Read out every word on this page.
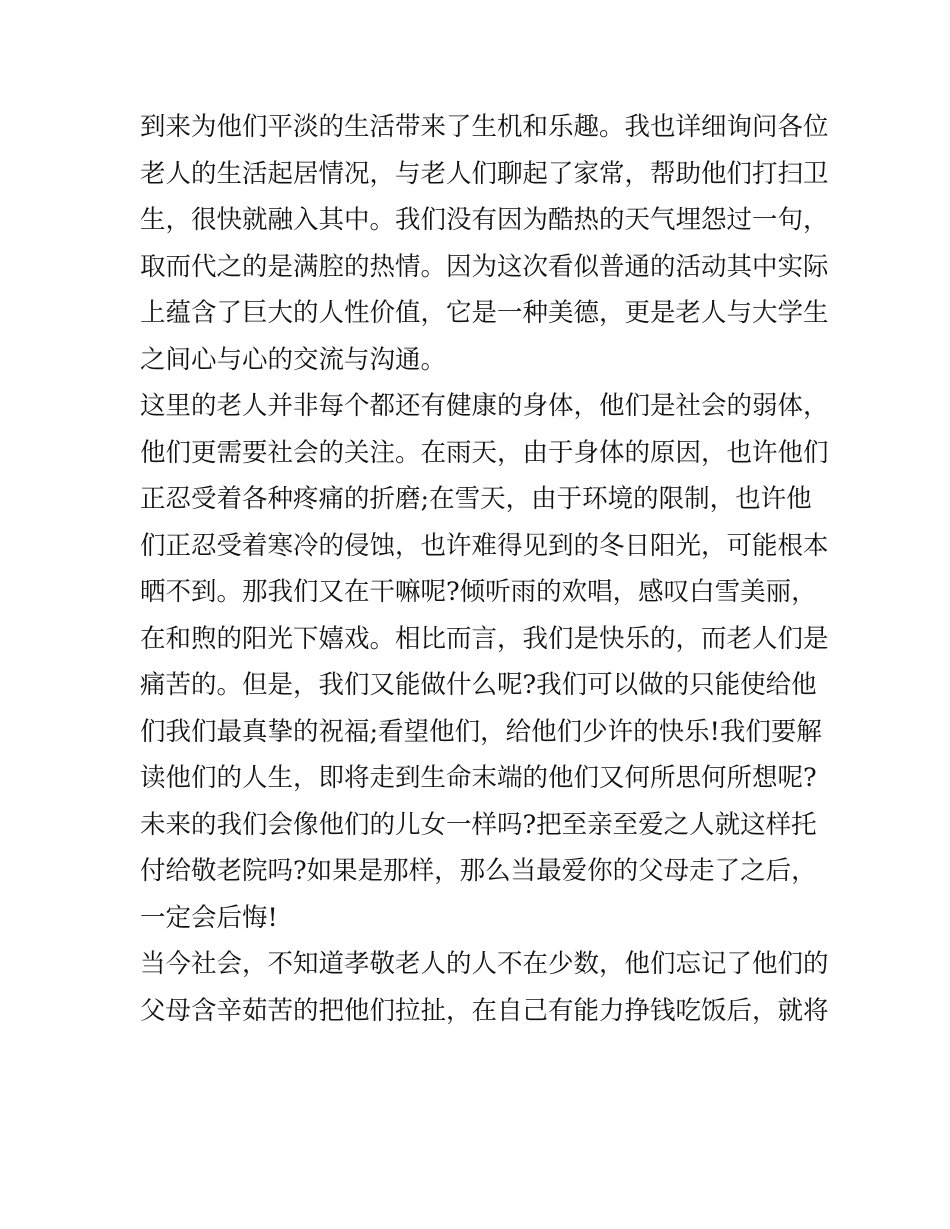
到来为他们平淡的生活带来了生机和乐趣。我也详细询问各位
老人的生活起居情况，与老人们聊起了家常，帮助他们打扫卫
生，很快就融入其中。我们没有因为酷热的天气埋怨过一句，
取而代之的是满腔的热情。因为这次看似普通的活动其中实际
上蕴含了巨大的人性价值，它是一种美德，更是老人与大学生
之间心与心的交流与沟通。
这里的老人并非每个都还有健康的身体，他们是社会的弱体，
他们更需要社会的关注。在雨天，由于身体的原因，也许他们
正忍受着各种疼痛的折磨;在雪天，由于环境的限制，也许他
们正忍受着寒冷的侵蚀，也许难得见到的冬日阳光，可能根本
晒不到。那我们又在干嘛呢?倾听雨的欢唱，感叹白雪美丽，
在和煦的阳光下嬉戏。相比而言，我们是快乐的，而老人们是
痛苦的。但是，我们又能做什么呢?我们可以做的只能使给他
们我们最真挚的祝福;看望他们，给他们少许的快乐!我们要解
读他们的人生，即将走到生命末端的他们又何所思何所想呢?
未来的我们会像他们的儿女一样吗?把至亲至爱之人就这样托
付给敬老院吗?如果是那样，那么当最爱你的父母走了之后，
一定会后悔!
当今社会，不知道孝敬老人的人不在少数，他们忘记了他们的
父母含辛茹苦的把他们拉扯，在自己有能力挣钱吃饭后，就将
